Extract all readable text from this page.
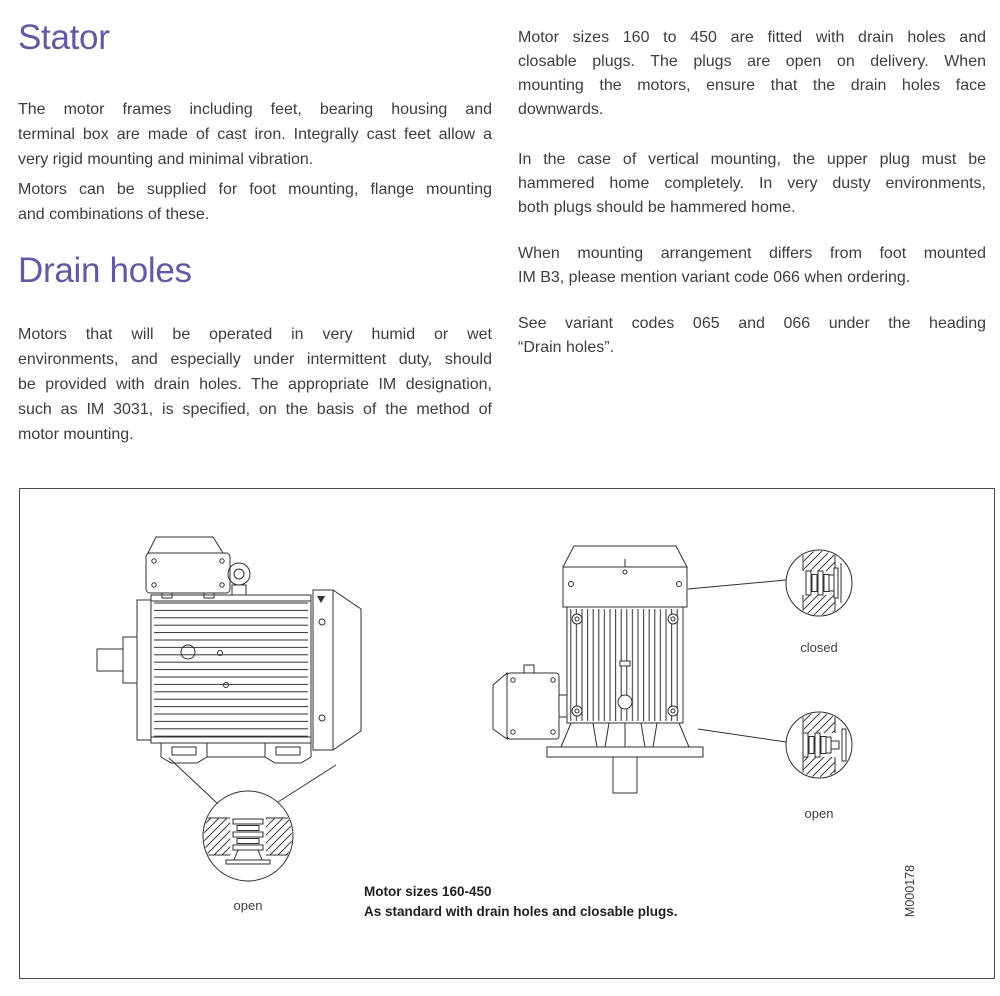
Stator
The motor frames including feet, bearing housing and
terminal box are made of cast iron. Integrally cast feet allow a
very rigid mounting and minimal vibration.
Motors can be supplied for foot mounting, flange mounting
and combinations of these.
Drain holes
Motors that will be operated in very humid or wet
environments, and especially under intermittent duty, should
be provided with drain holes. The appropriate IM designation,
such as IM 3031, is specified, on the basis of the method of
motor mounting.
Motor sizes 160 to 450 are fitted with drain holes and
closable plugs. The plugs are open on delivery. When
mounting the motors, ensure that the drain holes face
downwards.
In the case of vertical mounting, the upper plug must be
hammered home completely. In very dusty environments,
both plugs should be hammered home.
When mounting arrangement differs from foot mounted
IM B3, please mention variant code 066 when ordering.
See variant codes 065 and 066 under the heading
“Drain holes”.
open
closed
open
Motor sizes 160-450
As standard with drain holes and closable plugs.	M000178
